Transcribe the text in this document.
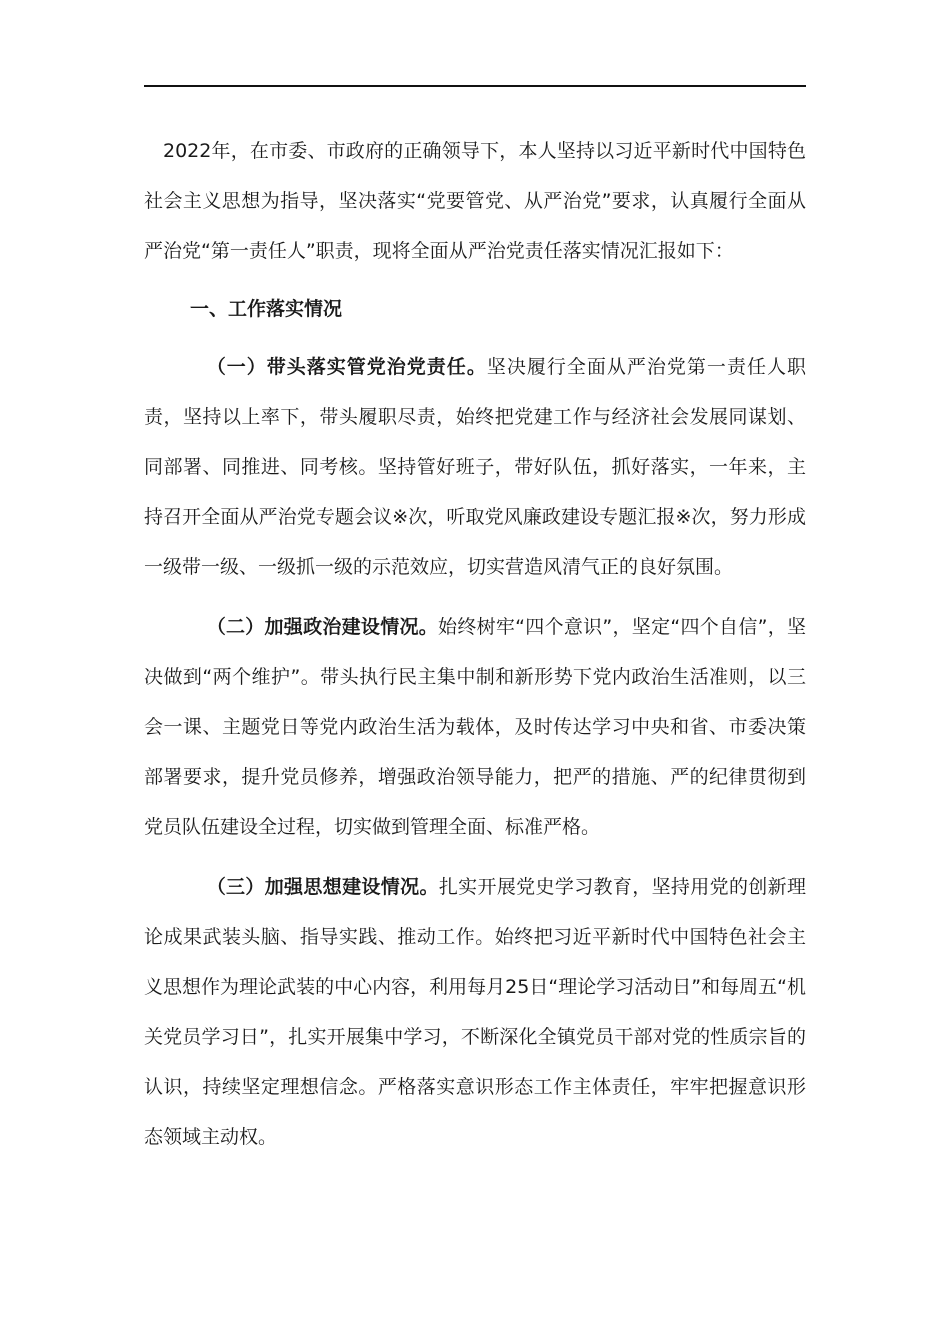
2022年，在市委、市政府的正确领导下，本人坚持以习近平新时代中国特色社会主义思想为指导，坚决落实“党要管党、从严治党”要求，认真履行全面从严治党“第一责任人”职责，现将全面从严治党责任落实情况汇报如下：

一、工作落实情况

（一）带头落实管党治党责任。坚决履行全面从严治党第一责任人职责，坚持以上率下，带头履职尽责，始终把党建工作与经济社会发展同谋划、同部署、同推进、同考核。坚持管好班子，带好队伍，抓好落实，一年来，主持召开全面从严治党专题会议※次，听取党风廉政建设专题汇报※次，努力形成一级带一级、一级抓一级的示范效应，切实营造风清气正的良好氛围。

（二）加强政治建设情况。始终树牢“四个意识”，坚定“四个自信”，坚决做到“两个维护”。带头执行民主集中制和新形势下党内政治生活准则，以三会一课、主题党日等党内政治生活为载体，及时传达学习中央和省、市委决策部署要求，提升党员修养，增强政治领导能力，把严的措施、严的纪律贯彻到党员队伍建设全过程，切实做到管理全面、标准严格。

（三）加强思想建设情况。扎实开展党史学习教育，坚持用党的创新理论成果武装头脑、指导实践、推动工作。始终把习近平新时代中国特色社会主义思想作为理论武装的中心内容，利用每月25日“理论学习活动日”和每周五“机关党员学习日”，扎实开展集中学习，不断深化全镇党员干部对党的性质宗旨的认识，持续坚定理想信念。严格落实意识形态工作主体责任，牢牢把握意识形态领域主动权。
